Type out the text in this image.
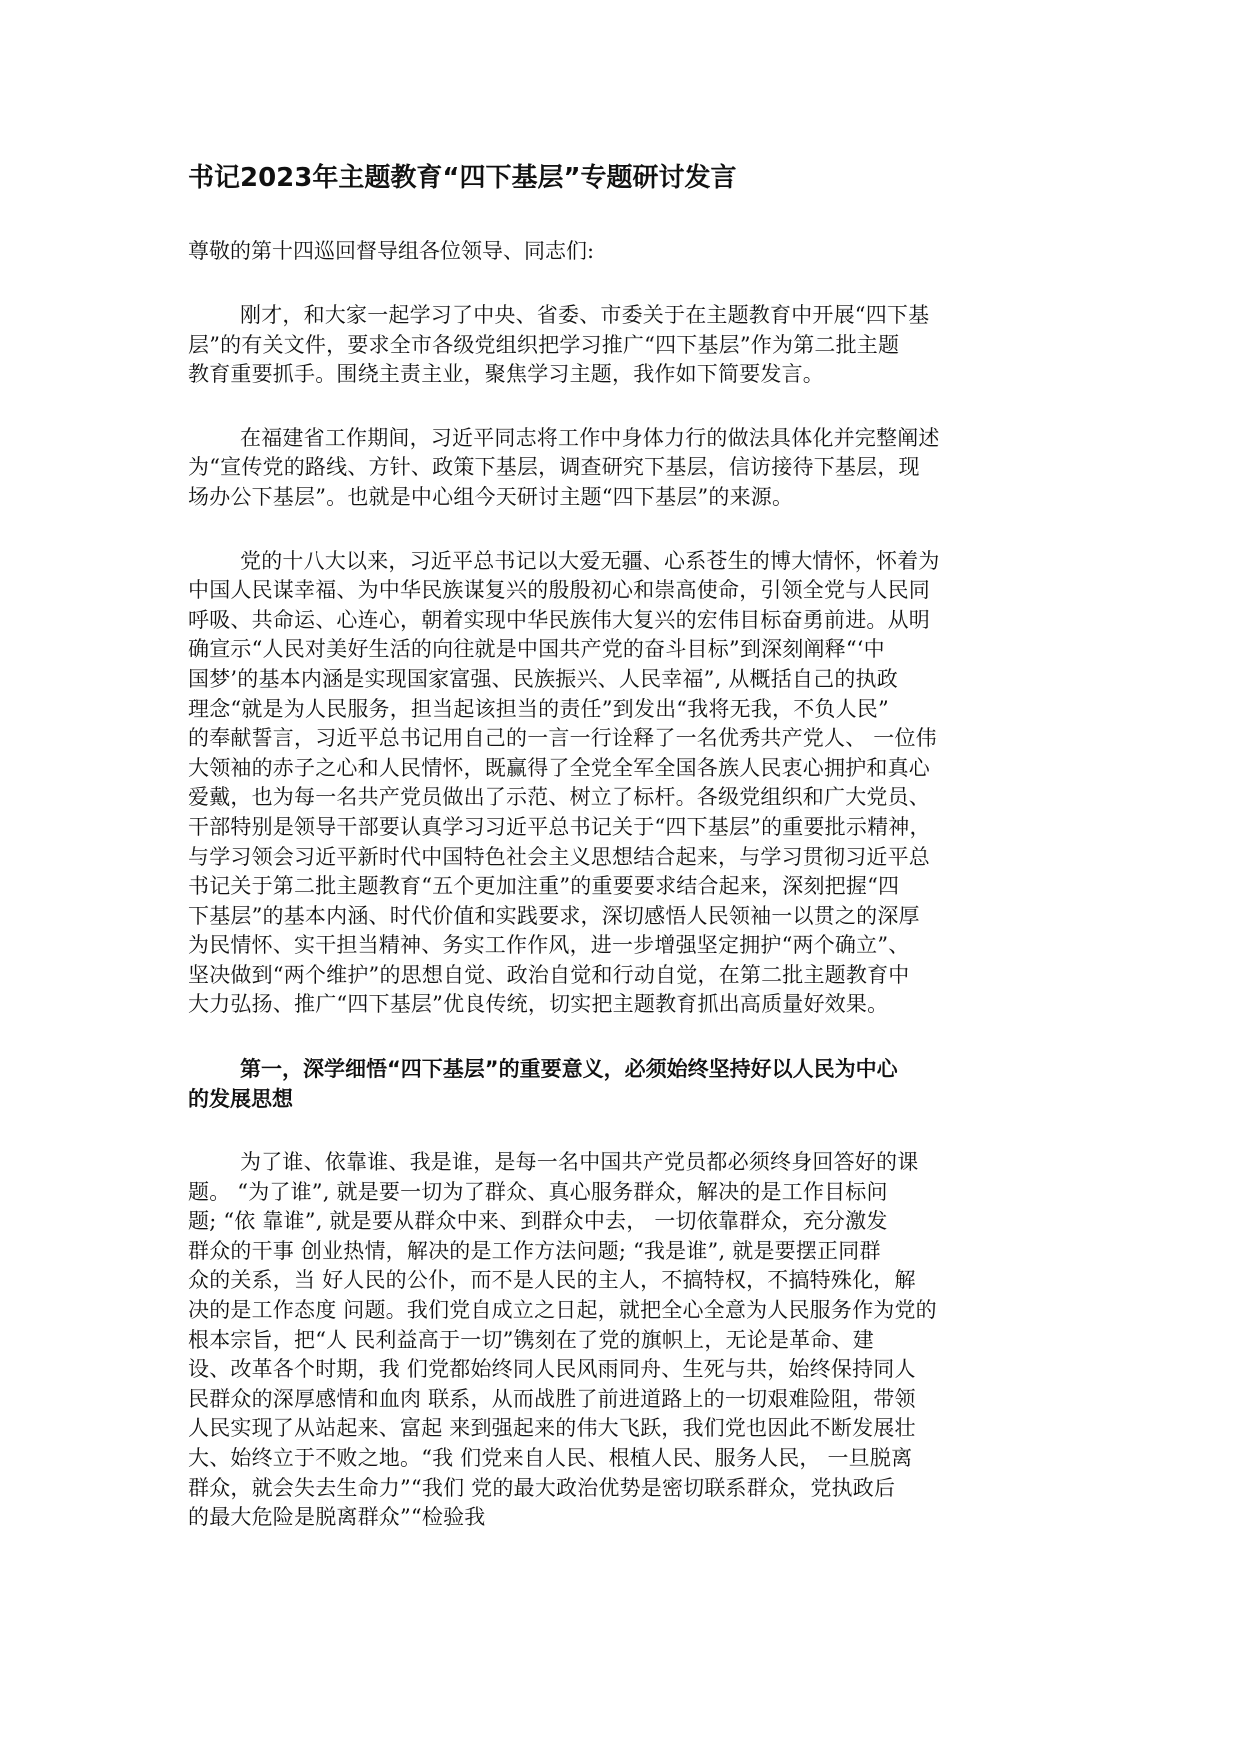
书记2023年主题教育“四下基层”专题研讨发言

尊敬的第十四巡回督导组各位领导、同志们:

刚才，和大家一起学习了中央、省委、市委关于在主题教育中开展“四下基
层”的有关文件，要求全市各级党组织把学习推广“四下基层”作为第二批主题
教育重要抓手。围绕主责主业，聚焦学习主题，我作如下简要发言。
在福建省工作期间，习近平同志将工作中身体力行的做法具体化并完整阐述
为“宣传党的路线、方针、政策下基层，调查研究下基层，信访接待下基层，现
场办公下基层”。也就是中心组今天研讨主题“四下基层”的来源。
党的十八大以来，习近平总书记以大爱无疆、心系苍生的博大情怀，怀着为
中国人民谋幸福、为中华民族谋复兴的殷殷初心和崇高使命，引领全党与人民同
呼吸、共命运、心连心，朝着实现中华民族伟大复兴的宏伟目标奋勇前进。从明
确宣示“人民对美好生活的向往就是中国共产党的奋斗目标”到深刻阐释“‘中
国梦’的基本内涵是实现国家富强、民族振兴、人民幸福”, 从概括自己的执政
理念“就是为人民服务，担当起该担当的责任”到发出“我将无我，不负人民”
的奉献誓言，习近平总书记用自己的一言一行诠释了一名优秀共产党人、 一位伟
大领袖的赤子之心和人民情怀，既赢得了全党全军全国各族人民衷心拥护和真心
爱戴，也为每一名共产党员做出了示范、树立了标杆。各级党组织和广大党员、
干部特别是领导干部要认真学习习近平总书记关于“四下基层”的重要批示精神，
与学习领会习近平新时代中国特色社会主义思想结合起来，与学习贯彻习近平总
书记关于第二批主题教育“五个更加注重”的重要要求结合起来，深刻把握“四
下基层”的基本内涵、时代价值和实践要求，深切感悟人民领袖一以贯之的深厚
为民情怀、实干担当精神、务实工作作风，进一步增强坚定拥护“两个确立”、
坚决做到“两个维护”的思想自觉、政治自觉和行动自觉，在第二批主题教育中
大力弘扬、推广“四下基层”优良传统，切实把主题教育抓出高质量好效果。
第一，深学细悟“四下基层”的重要意义，必须始终坚持好以人民为中心
的发展思想
为了谁、依靠谁、我是谁，是每一名中国共产党员都必须终身回答好的课
题。 “为了谁”, 就是要一切为了群众、真心服务群众，解决的是工作目标问
题; “依 靠谁”, 就是要从群众中来、到群众中去， 一切依靠群众，充分激发
群众的干事 创业热情，解决的是工作方法问题; “我是谁”, 就是要摆正同群
众的关系，当 好人民的公仆，而不是人民的主人，不搞特权，不搞特殊化，解
决的是工作态度 问题。我们党自成立之日起，就把全心全意为人民服务作为党的
根本宗旨，把“人 民利益高于一切”镌刻在了党的旗帜上，无论是革命、建
设、改革各个时期，我 们党都始终同人民风雨同舟、生死与共，始终保持同人
民群众的深厚感情和血肉 联系，从而战胜了前进道路上的一切艰难险阻，带领
人民实现了从站起来、富起 来到强起来的伟大飞跃，我们党也因此不断发展壮
大、始终立于不败之地。“我 们党来自人民、根植人民、服务人民， 一旦脱离
群众，就会失去生命力”“我们 党的最大政治优势是密切联系群众，党执政后
的最大危险是脱离群众”“检验我
